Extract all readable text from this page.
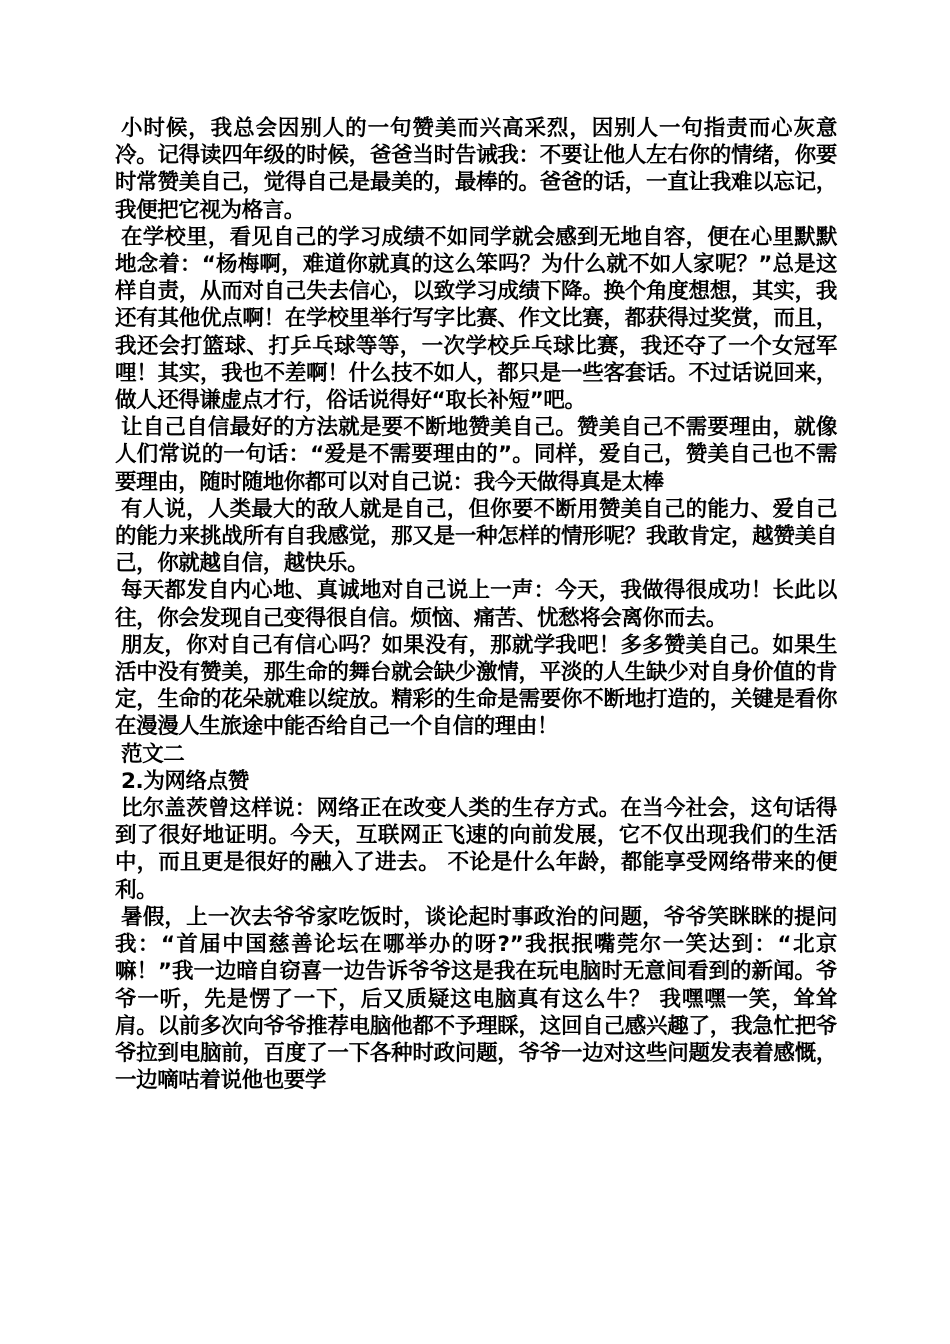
小时候，我总会因别人的一句赞美而兴高采烈，因别人一句指责而心灰意冷。记得读四年级的时候，爸爸当时告诫我：不要让他人左右你的情绪，你要时常赞美自己，觉得自己是最美的，最棒的。爸爸的话，一直让我难以忘记，我便把它视为格言。

在学校里，看见自己的学习成绩不如同学就会感到无地自容，便在心里默默地念着：“杨梅啊，难道你就真的这么笨吗？为什么就不如人家呢？”总是这样自责，从而对自己失去信心，以致学习成绩下降。换个角度想想，其实，我还有其他优点啊！在学校里举行写字比赛、作文比赛，都获得过奖赏，而且，我还会打篮球、打乒乓球等等，一次学校乒乓球比赛，我还夺了一个女冠军哩！其实，我也不差啊！什么技不如人，都只是一些客套话。不过话说回来，做人还得谦虚点才行，俗话说得好“取长补短”吧。

让自己自信最好的方法就是要不断地赞美自己。赞美自己不需要理由，就像人们常说的一句话：“爱是不需要理由的”。同样，爱自己，赞美自己也不需要理由，随时随地你都可以对自己说：我今天做得真是太棒

有人说，人类最大的敌人就是自己，但你要不断用赞美自己的能力、爱自己的能力来挑战所有自我感觉，那又是一种怎样的情形呢？我敢肯定，越赞美自己，你就越自信，越快乐。

每天都发自内心地、真诚地对自己说上一声：今天，我做得很成功！长此以往，你会发现自己变得很自信。烦恼、痛苦、忧愁将会离你而去。

朋友，你对自己有信心吗？如果没有，那就学我吧！多多赞美自己。如果生活中没有赞美，那生命的舞台就会缺少激情，平淡的人生缺少对自身价值的肯定，生命的花朵就难以绽放。精彩的生命是需要你不断地打造的，关键是看你在漫漫人生旅途中能否给自己一个自信的理由！

范文二

2.为网络点赞

比尔盖茨曾这样说：网络正在改变人类的生存方式。在当今社会，这句话得到了很好地证明。今天，互联网正飞速的向前发展，它不仅出现我们的生活中，而且更是很好的融入了进去。 不论是什么年龄，都能享受网络带来的便利。

暑假，上一次去爷爷家吃饭时，谈论起时事政治的问题，爷爷笑眯眯的提问我：“首届中国慈善论坛在哪举办的呀?”我抿抿嘴莞尔一笑达到：“北京嘛！”我一边暗自窃喜一边告诉爷爷这是我在玩电脑时无意间看到的新闻。爷爷一听，先是愣了一下，后又质疑这电脑真有这么牛？ 我嘿嘿一笑，耸耸肩。以前多次向爷爷推荐电脑他都不予理睬，这回自己感兴趣了，我急忙把爷爷拉到电脑前，百度了一下各种时政问题，爷爷一边对这些问题发表着感慨，一边嘀咕着说他也要学
